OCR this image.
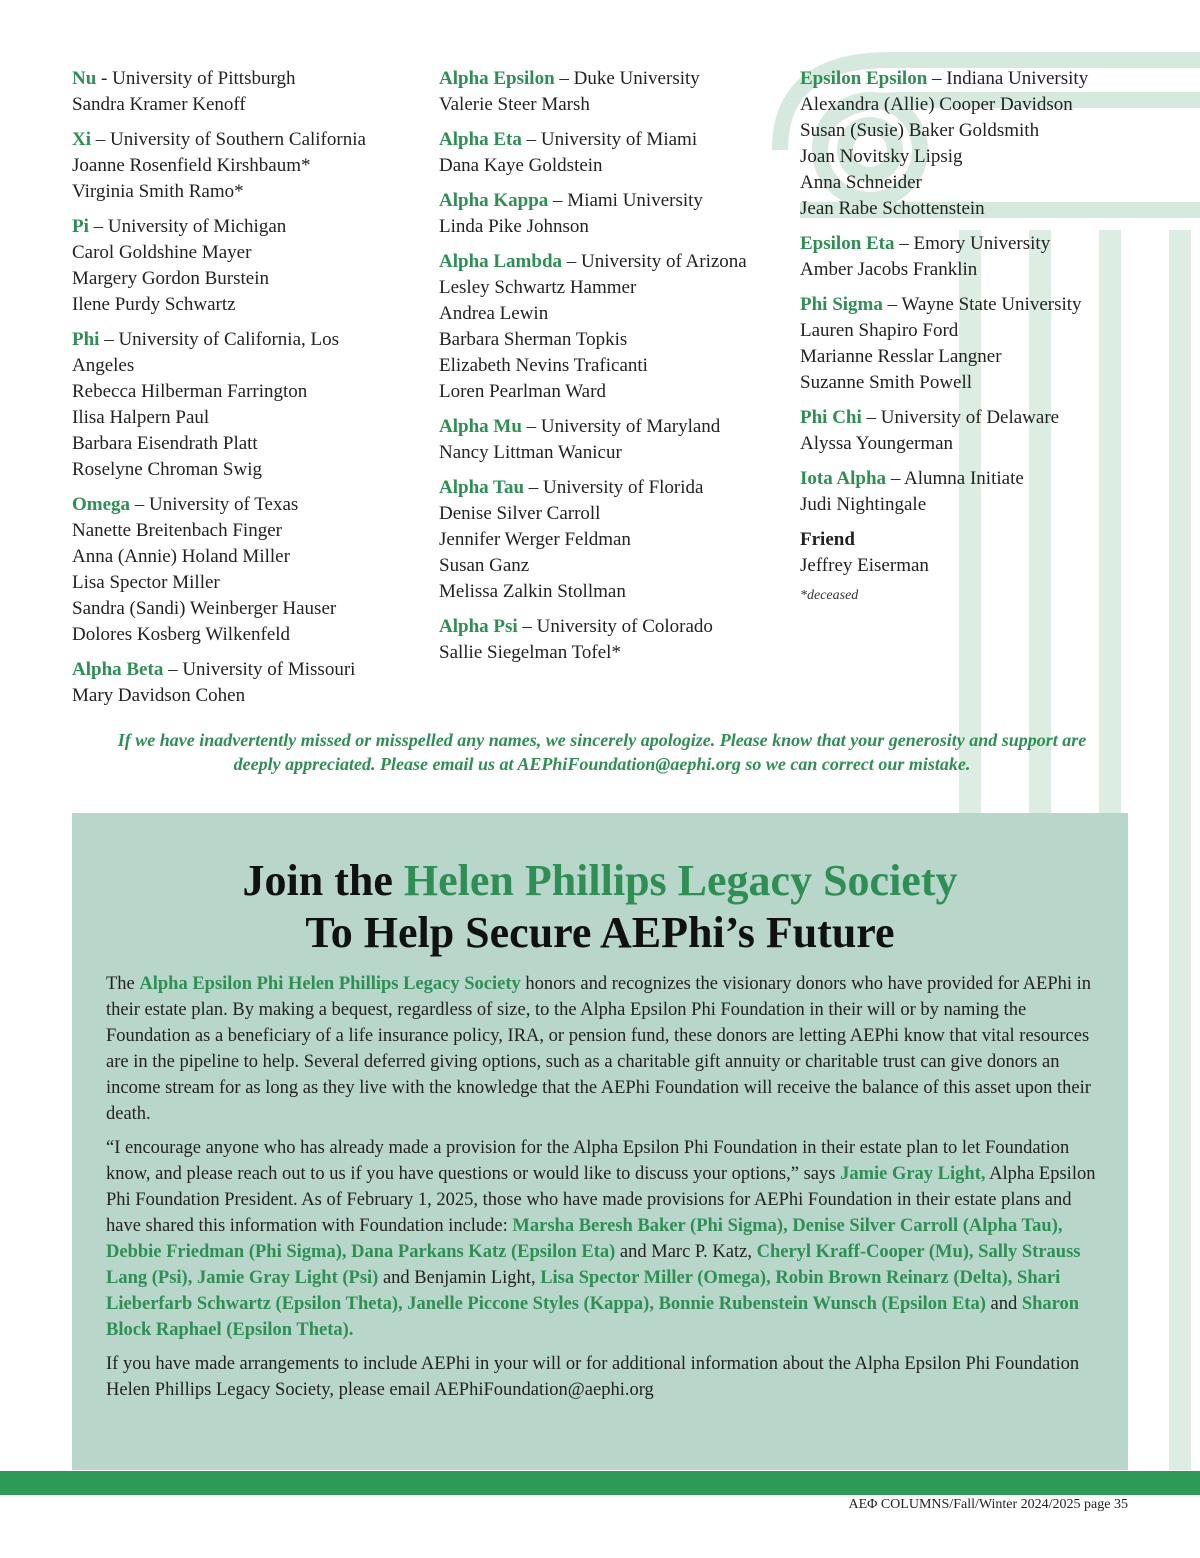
Nu - University of Pittsburgh
Sandra Kramer Kenoff
Xi – University of Southern California
Joanne Rosenfield Kirshbaum*
Virginia Smith Ramo*
Pi – University of Michigan
Carol Goldshine Mayer
Margery Gordon Burstein
Ilene Purdy Schwartz
Phi – University of California, Los Angeles
Rebecca Hilberman Farrington
Ilisa Halpern Paul
Barbara Eisendrath Platt
Roselyne Chroman Swig
Omega – University of Texas
Nanette Breitenbach Finger
Anna (Annie) Holand Miller
Lisa Spector Miller
Sandra (Sandi) Weinberger Hauser
Dolores Kosberg Wilkenfeld
Alpha Beta – University of Missouri
Mary Davidson Cohen
Alpha Epsilon – Duke University
Valerie Steer Marsh
Alpha Eta – University of Miami
Dana Kaye Goldstein
Alpha Kappa – Miami University
Linda Pike Johnson
Alpha Lambda – University of Arizona
Lesley Schwartz Hammer
Andrea Lewin
Barbara Sherman Topkis
Elizabeth Nevins Traficanti
Loren Pearlman Ward
Alpha Mu – University of Maryland
Nancy Littman Wanicur
Alpha Tau – University of Florida
Denise Silver Carroll
Jennifer Werger Feldman
Susan Ganz
Melissa Zalkin Stollman
Alpha Psi – University of Colorado
Sallie Siegelman Tofel*
Epsilon Epsilon – Indiana University
Alexandra (Allie) Cooper Davidson
Susan (Susie) Baker Goldsmith
Joan Novitsky Lipsig
Anna Schneider
Jean Rabe Schottenstein
Epsilon Eta – Emory University
Amber Jacobs Franklin
Phi Sigma – Wayne State University
Lauren Shapiro Ford
Marianne Resslar Langner
Suzanne Smith Powell
Phi Chi – University of Delaware
Alyssa Youngerman
Iota Alpha – Alumna Initiate
Judi Nightingale
Friend
Jeffrey Eiserman
*deceased
If we have inadvertently missed or misspelled any names, we sincerely apologize. Please know that your generosity and support are
deeply appreciated. Please email us at AEPhiFoundation@aephi.org so we can correct our mistake.
Join the Helen Phillips Legacy Society
To Help Secure AEPhi’s Future

The Alpha Epsilon Phi Helen Phillips Legacy Society honors and recognizes the visionary donors who have provided for AEPhi in their estate plan. By making a bequest, regardless of size, to the Alpha Epsilon Phi Foundation in their will or by naming the Foundation as a beneficiary of a life insurance policy, IRA, or pension fund, these donors are letting AEPhi know that vital resources are in the pipeline to help. Several deferred giving options, such as a charitable gift annuity or charitable trust can give donors an income stream for as long as they live with the knowledge that the AEPhi Foundation will receive the balance of this asset upon their death.

“I encourage anyone who has already made a provision for the Alpha Epsilon Phi Foundation in their estate plan to let Foundation know, and please reach out to us if you have questions or would like to discuss your options,” says Jamie Gray Light, Alpha Epsilon Phi Foundation President. As of February 1, 2025, those who have made provisions for AEPhi Foundation in their estate plans and have shared this information with Foundation include: Marsha Beresh Baker (Phi Sigma), Denise Silver Carroll (Alpha Tau), Debbie Friedman (Phi Sigma), Dana Parkans Katz (Epsilon Eta) and Marc P. Katz, Cheryl Kraff-Cooper (Mu), Sally Strauss Lang (Psi), Jamie Gray Light (Psi) and Benjamin Light, Lisa Spector Miller (Omega), Robin Brown Reinarz (Delta), Shari Lieberfarb Schwartz (Epsilon Theta), Janelle Piccone Styles (Kappa), Bonnie Rubenstein Wunsch (Epsilon Eta) and Sharon Block Raphael (Epsilon Theta).

If you have made arrangements to include AEPhi in your will or for additional information about the Alpha Epsilon Phi Foundation Helen Phillips Legacy Society, please email AEPhiFoundation@aephi.org

ΑΕΦ COLUMNS/Fall/Winter 2024/2025 page 35
